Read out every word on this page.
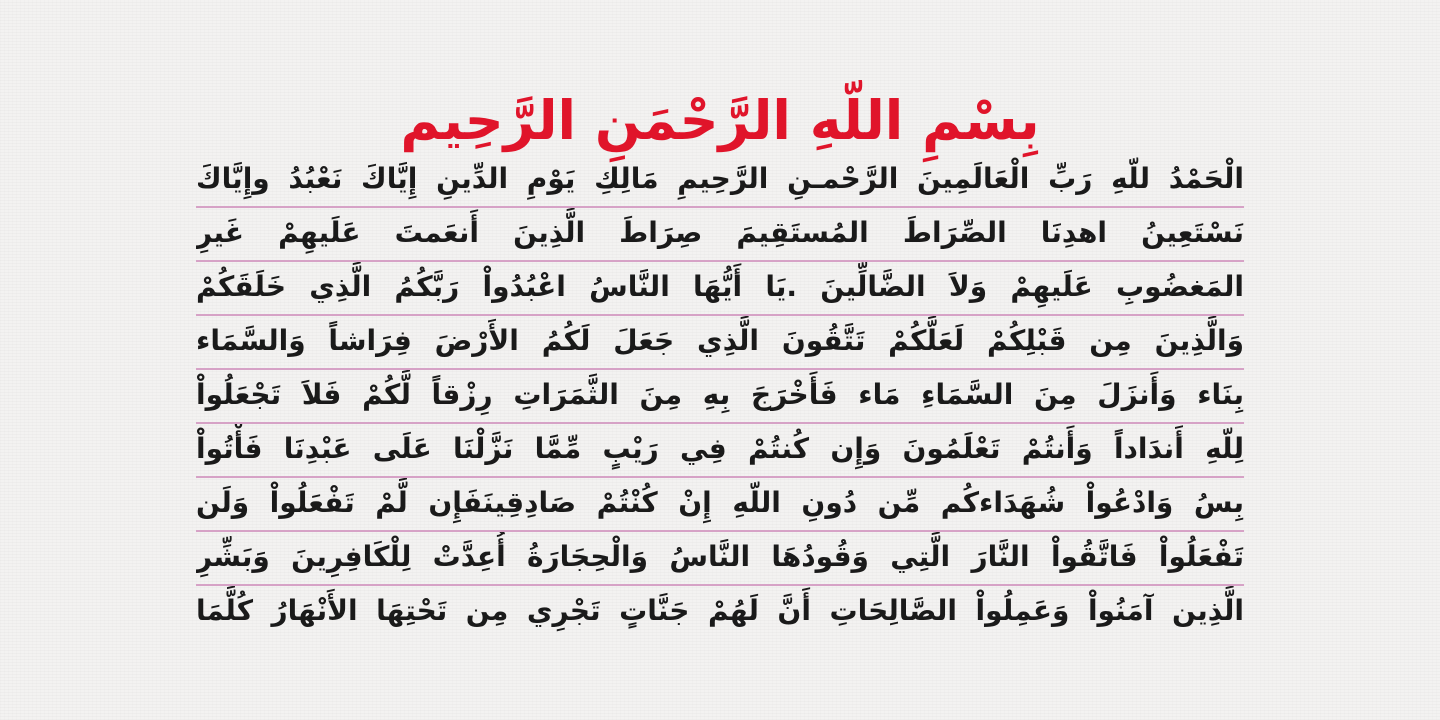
بِسْمِ اللّهِ الرَّحْمَنِ الرَّحِيم
الْحَمْدُ للّهِ رَبِّ الْعَالَمِينَ الرَّحْمـنِ الرَّحِيمِ مَالِكِ يَوْمِ الدِّينِ إِيَّاكَ نَعْبُدُ وإِيَّاكَ
نَسْتَعِينُ اهدِنَا الصِّرَاطَ المُستَقِيمَ صِرَاطَ الَّذِينَ أَنعَمتَ عَلَيهِمْ غَيرِ
المَغضُوبِ عَلَيهِمْ وَلاَ الضَّالِّينَ .يَا أَيُّهَا النَّاسُ اعْبُدُواْ رَبَّكُمُ الَّذِي خَلَقَكُمْ
وَالَّذِينَ مِن قَبْلِكُمْ لَعَلَّكُمْ تَتَّقُونَ الَّذِي جَعَلَ لَكُمُ الأَرْضَ فِرَاشاً وَالسَّمَاء
بِنَاء وَأَنزَلَ مِنَ السَّمَاءِ مَاء فَأَخْرَجَ بِهِ مِنَ الثَّمَرَاتِ رِزْقاً لَّكُمْ فَلاَ تَجْعَلُواْ
لِلّهِ أَندَاداً وَأَنتُمْ تَعْلَمُونَ وَإِن كُنتُمْ فِي رَيْبٍ مِّمَّا نَزَّلْنَا عَلَى عَبْدِنَا فَأْتُواْ
بِسُ وَادْعُواْ شُهَدَاءكُم مِّن دُونِ اللّهِ إِنْ كُنْتُمْ صَادِقِينَفَإِن لَّمْ تَفْعَلُواْ وَلَن
تَفْعَلُواْ فَاتَّقُواْ النَّارَ الَّتِي وَقُودُهَا النَّاسُ وَالْحِجَارَةُ أُعِدَّتْ لِلْكَافِرِينَ وَبَشِّرِ
الَّذِين آمَنُواْ وَعَمِلُواْ الصَّالِحَاتِ أَنَّ لَهُمْ جَنَّاتٍ تَجْرِي مِن تَحْتِهَا الأَنْهَارُ كُلَّمَا
